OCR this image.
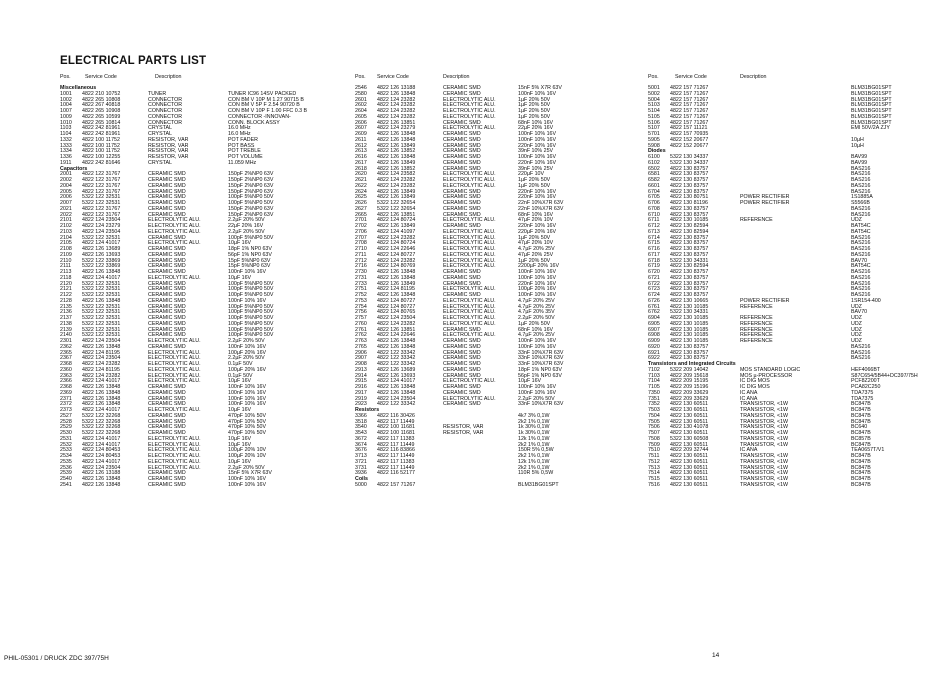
ELECTRICAL PARTS LIST
Pos.	Service Code	Description
Miscellaneous
1001 4822 210 10752	TUNER	TUNER IC96 14SV PACKED
1002 4822 265 10808	CONNECTOR	CON BM V 10P M 1.27 90715 B
1004 4822 267 40818	CONNECTOR	CON BM V 5P F 2.54 90720 B
1007 4822 265 10908	CONNECTOR	CON BM V 10P F 1.00 FFC 0.3 B
1009 4822 265 10599	CONNECTOR	CONNECTOR -INNOVAN-
1010 4822 265 10814	CONNECTOR	CONN. BLOCK ASSY
1103 4822 242 81961	CRYSTAL	16.0 MHz
1104 4822 242 81961	CRYSTAL	16.0 MHz
1332 4822 100 11752	RESISTOR, VAR	POT FADER
1333 4822 100 11752	RESISTOR, VAR	POT BASS
1334 4822 100 11752	RESISTOR, VAR	POT TREBLE
1336 4822 100 12255	RESISTOR, VAR	POT VOLUME
1911 4822 242 81646	CRYSTAL	11.059 MHz
Capacitors
2001 4822 122 31767	CERAMIC SMD	150pF 2%NP0 63V
2002 4822 122 31767	CERAMIC SMD	150pF 2%NP0 63V
2004 4822 122 31767	CERAMIC SMD	150pF 2%NP0 63V
2005 4822 122 31767	CERAMIC SMD	150pF 2%NP0 63V
2006 5322 122 32531	CERAMIC SMD	100pF 5%NP0 50V
2007 5322 122 32531	CERAMIC SMD	100pF 5%NP0 50V
2021 4822 122 31767	CERAMIC SMD	150pF 2%NP0 63V
2022 4822 122 31767	CERAMIC SMD	150pF 2%NP0 63V
2101 4822 124 23504	ELECTROLYTIC ALU.	2.2µF 20% 50V
2102 4822 124 23279	ELECTROLYTIC ALU.	22µF 20% 16V
2103 4822 124 23504	ELECTROLYTIC ALU.	2.2µF 20% 50V
2104 5322 122 32531	CERAMIC SMD	100pF 5%NP0 50V
2105 4822 124 41017	ELECTROLYTIC ALU.	10µF 16V
2108 4822 126 13689	CERAMIC SMD	18pF 1% NP0 63V
2109 4822 126 13693	CERAMIC SMD	56pF 1% NP0 63V
2110 5322 122 33869	CERAMIC SMD	15pF 5%NP0 63V
2111 5322 122 33869	CERAMIC SMD	15pF 5%NP0 63V
2113 4822 126 13848	CERAMIC SMD	100nF 10% 16V
2118 4822 124 41017	ELECTROLYTIC ALU.	10µF 16V
2120 5322 122 32531	CERAMIC SMD	100pF 5%NP0 50V
2121 5322 122 32531	CERAMIC SMD	100pF 5%NP0 50V
2122 5322 122 32531	CERAMIC SMD	100pF 5%NP0 50V
2128 4822 126 13848	CERAMIC SMD	100nF 10% 16V
2135 5322 122 32531	CERAMIC SMD	100pF 5%NP0 50V
2136 5322 122 32531	CERAMIC SMD	100pF 5%NP0 50V
2137 5322 122 32531	CERAMIC SMD	100pF 5%NP0 50V
2138 5322 122 32531	CERAMIC SMD	100pF 5%NP0 50V
2139 5322 122 32531	CERAMIC SMD	100pF 5%NP0 50V
2140 5322 122 32531	CERAMIC SMD	100pF 5%NP0 50V
2301 4822 124 23504	ELECTROLYTIC ALU.	2.2µF 20% 50V
2362 4822 126 13848	CERAMIC SMD	100nF 10% 16V
2365 4822 124 81195	ELECTROLYTIC ALU.	100µF 20% 16V
2367 4822 124 23504	ELECTROLYTIC ALU.	2.2µF 20% 50V
2368 4822 124 23282	ELECTROLYTIC ALU.	0.1µF 50V
2360 4822 124 81195	ELECTROLYTIC ALU.	100µF 20% 16V
2363 4822 124 23282	ELECTROLYTIC ALU.	0.1µF 50V
2366 4822 124 41017	ELECTROLYTIC ALU.	10µF 16V
2368 4822 126 13848	CERAMIC SMD	100nF 10% 16V
2369 4822 126 13848	CERAMIC SMD	100nF 10% 16V
2371 4822 126 13848	CERAMIC SMD	100nF 10% 16V
2372 4822 126 13848	CERAMIC SMD	100nF 10% 16V
2373 4822 124 41017	ELECTROLYTIC ALU.	10µF 16V
2527 5322 122 32268	CERAMIC SMD	470pF 10% 50V
2528 5322 122 32268	CERAMIC SMD	470pF 10% 50V
2529 5322 122 32268	CERAMIC SMD	470pF 10% 50V
2530 5322 122 32268	CERAMIC SMD	470pF 10% 50V
2531 4822 124 41017	ELECTROLYTIC ALU.	10µF 16V
2532 4822 124 41017	ELECTROLYTIC ALU.	10µF 16V
2533 4822 124 80453	ELECTROLYTIC ALU.	100µF 20% 10V
2534 4822 124 80453	ELECTROLYTIC ALU.	100µF 20% 10V
2535 4822 124 41017	ELECTROLYTIC ALU.	10µF 16V
2536 4822 124 23504	ELECTROLYTIC ALU.	2.2µF 20% 50V
2539 4822 126 13188	CERAMIC SMD	15nF 5% X7R 63V
2540 4822 126 13848	CERAMIC SMD	100nF 10% 16V
2541 4822 126 13848	CERAMIC SMD	100nF 10% 16V
Pos. Service Code	Description
2546 4822 126 13188	CERAMIC SMD	15nF 5% X7R 63V
2580 4822 126 13848	CERAMIC SMD	100nF 10% 16V
2601 4822 124 23282	ELECTROLYTIC ALU.	1µF 20% 50V
2602 4822 124 23282	ELECTROLYTIC ALU.	1µF 20% 50V
2604 4822 124 23282	ELECTROLYTIC ALU.	1µF 20% 50V
2605 4822 124 23282	ELECTROLYTIC ALU.	1µF 20% 50V
2606 4822 126 13851	CERAMIC SMD	68nF 10% 16V
2607 4822 124 23279	ELECTROLYTIC ALU.	22µF 20% 16V
2609 4822 126 13848	CERAMIC SMD	100nF 10% 16V
2611 4822 126 13848	CERAMIC SMD	100nF 10% 16V
2612 4822 126 13849	CERAMIC SMD	220nF 10% 16V
2613 4822 126 13852	CERAMIC SMD	39nF 10% 25V
2616 4822 126 13848	CERAMIC SMD	100nF 10% 16V
2617 4822 126 13849	CERAMIC SMD	220nF 10% 16V
2618 4822 126 13852	CERAMIC SMD	39nF 10% 25V
2620 4822 124 23582	ELECTROLYTIC ALU.	220µF 10V
2621 4822 124 23282	ELECTROLYTIC ALU.	1µF 20% 50V
2622 4822 124 23282	ELECTROLYTIC ALU.	1µF 20% 50V
2624 4822 126 13849	CERAMIC SMD	220nF 10% 16V
2625 4822 126 13849	CERAMIC SMD	220nF 10% 16V
2626 5322 122 32654	CERAMIC SMD	22nF 10%X7R 63V
2627 5322 122 32654	CERAMIC SMD	22nF 10%X7R 63V
2665 4822 126 13851	CERAMIC SMD	68nF 10% 16V
2701 4822 124 80724	ELECTROLYTIC ALU.	47µF 20% 10V
2702 4822 126 13849	CERAMIC SMD	220nF 10% 16V
2706 4822 124 41097	ELECTROLYTIC ALU.	220µF 20% 16V
2707 4822 124 23282	ELECTROLYTIC ALU.	1µF 20% 50V
2708 4822 124 80724	ELECTROLYTIC ALU.	47µF 20% 10V
2710 4822 124 22646	ELECTROLYTIC ALU.	4.7µF 20% 25V
2711 4822 124 80727	ELECTROLYTIC ALU.	47µF 20% 25V
2712 4822 124 23282	ELECTROLYTIC ALU.	1µF 20% 50V
2716 4822 124 80769	ELECTROLYTIC ALU.	2200µF 20% 16V
2730 4822 126 13848	CERAMIC SMD	100nF 10% 16V
2731 4822 126 13848	CERAMIC SMD	100nF 10% 16V
2733 4822 126 13849	CERAMIC SMD	220nF 10% 16V
2751 4822 124 81195	ELECTROLYTIC ALU.	100µF 20% 16V
2752 4822 126 13848	CERAMIC SMD	100nF 10% 16V
2753 4822 124 80727	ELECTROLYTIC ALU.	4.7µF 20% 25V
2754 4822 124 80727	ELECTROLYTIC ALU.	4.7µF 20% 25V
2756 4822 124 80765	ELECTROLYTIC ALU.	4.7µF 20% 35V
2757 4822 124 23504	ELECTROLYTIC ALU.	2.2µF 20% 50V
2760 4822 124 23282	ELECTROLYTIC ALU.	1µF 20% 50V
2761 4822 126 13851	CERAMIC SMD	68nF 10% 16V
2762 4822 124 22646	ELECTROLYTIC ALU.	4.7µF 20% 25V
2763 4822 126 13848	CERAMIC SMD	100nF 10% 16V
2765 4822 126 13848	CERAMIC SMD	100nF 10% 16V
2906 4822 122 33342	CERAMIC SMD	33nF 10%X7R 63V
2907 4822 122 33342	CERAMIC SMD	33nF 10%X7R 63V
2908 4822 122 33342	CERAMIC SMD	33nF 10%X7R 63V
2913 4822 126 13689	CERAMIC SMD	18pF 1% NP0 63V
2914 4822 126 13693	CERAMIC SMD	56pF 1% NP0 63V
2915 4822 124 41017	ELECTROLYTIC ALU.	10µF 16V
2916 4822 126 13848	CERAMIC SMD	100nF 10% 16V
2917 4822 126 13848	CERAMIC SMD	100nF 10% 16V
2919 4822 124 23504	ELECTROLYTIC ALU.	2.2µF 20% 50V
2923 4822 122 33342	CERAMIC SMD	33nF 10%X7R 63V
Resistors
3366 4822 116 30426	4k7 3% 0,1W
3518 4822 117 11449	2k2 1% 0,1W
3540 4822 100 11681	RESISTOR, VAR	1k 30% 0,1W
3543 4822 100 11681	RESISTOR, VAR	1k 30% 0,1W
3672 4822 117 11383	12k 1% 0,1W
3674 4822 117 11449	2k2 1% 0,1W
3676 4822 116 83866	150R 5% 0,5W
3713 4822 117 11449	2k2 1% 0,1W
3721 4822 117 11383	12k 1% 0,1W
3731 4822 117 11449	2k2 1% 0,1W
3936 4822 116 52177	110R 5% 0,5W
Coils
5000 4822 157 71267	BLM31BG01SPT
Pos.	Service Code	Description
5001 4822 157 71267	BLM31BG01SPT
5002 4822 157 71267	BLM31BG01SPT
5004 4822 157 71267	BLM31BG01SPT
5103 4822 157 71267	BLM31BG01SPT
5104 4822 157 71267	BLM31BG01SPT
5105 4822 157 71267	BLM31BG01SPT
5106 4822 157 71267	BLM31BG01SPT
5107 4822 157 11121	EMI 50V/2A ZJY
5701 4822 157 70935
5905 4822 152 20677	10µH
5908 4822 152 20677	10µH
Diodes
6100 5322 130 34337	BAV99
6102 5322 130 34337	BAV99
6502 4822 130 83757	BAS216
6581 4822 130 83757	BAS216
6582 4822 130 83757	BAS216
6601 4822 130 83757	BAS216
6704 4822 130 83757	BAS216
6705 4822 130 80751	POWER RECTIFIER	1S1885A
6706 4822 130 81196	POWER RECTIFIER	S5566B
6708 4822 130 83757	BAS216
6710 4822 130 83757	BAS216
6711 4822 130 10185	REFERENCE	UDZ
6712 4822 130 82594	BAT54C
6713 4822 130 82594	BAT54C
6714 4822 130 83757	BAS216
6715 4822 130 83757	BAS216
6716 4822 130 83757	BAS216
6717 4822 130 83757	BAS216
6718 5322 130 34331	BAV70
6719 4822 130 82594	BAT54C
6720 4822 130 83757	BAS216
6721 4822 130 83757	BAS216
6722 4822 130 83757	BAS216
6723 4822 130 83757	BAS216
6724 4822 130 83757	BAS216
6726 4822 130 10665	POWER RECTIFIER	1SR154-400
6761 4822 130 10185	REFERENCE	UDZ
6762 5322 130 34331	BAV70
6904 4822 130 10185	REFERENCE	UDZ
6905 4822 130 10185	REFERENCE	UDZ
6907 4822 130 10185	REFERENCE	UDZ
6908 4822 130 10185	REFERENCE	UDZ
6909 4822 130 10185	REFERENCE	UDZ
6920 4822 130 83757	BAS216
6921 4822 130 83757	BAS216
6922 4822 130 83757	BAS216
Transistors and Integrated Circuits
7102 5322 209 14042	MOS STANDARD LOGIC	HEF4066BT
7103 4822 209 15618	MOS µ-PROCESSOR	S87C654/5B44+DC397/75H
7104 4822 209 15195	IC DIG MOS	PCF8Z200T
7105 4822 209 15196	IC DIG MOS	PCA82C250
7350 4822 209 33629	IC ANA	TDA7375
7351 4822 209 33629	IC ANA	TDA7375
7352 4822 130 60511	TRANSISTOR, <1W	BC847B
7503 4822 130 60511	TRANSISTOR, <1W	BC847B
7504 4822 130 60511	TRANSISTOR, <1W	BC847B
7505 4822 130 60511	TRANSISTOR, <1W	BC847B
7506 4822 130 41078	TRANSISTOR, <1W	BC640
7507 4822 130 60511	TRANSISTOR, <1W	BC847B
7508 5322 130 60508	TRANSISTOR, <1W	BC857B
7509 4822 130 60511	TRANSISTOR, <1W	BC847B
7510 4822 209 32744	IC ANA	TEA0657T/V1
7511 4822 130 60511	TRANSISTOR, <1W	BC847B
7512 4822 130 60511	TRANSISTOR, <1W	BC847B
7513 4822 130 60511	TRANSISTOR, <1W	BC847B
7514 4822 130 60511	TRANSISTOR, <1W	BC847B
7515 4822 130 60511	TRANSISTOR, <1W	BC847B
7516 4822 130 60511	TRANSISTOR, <1W	BC847B
PHIL-05301 / DRUCK ZDC 397/75H	14
